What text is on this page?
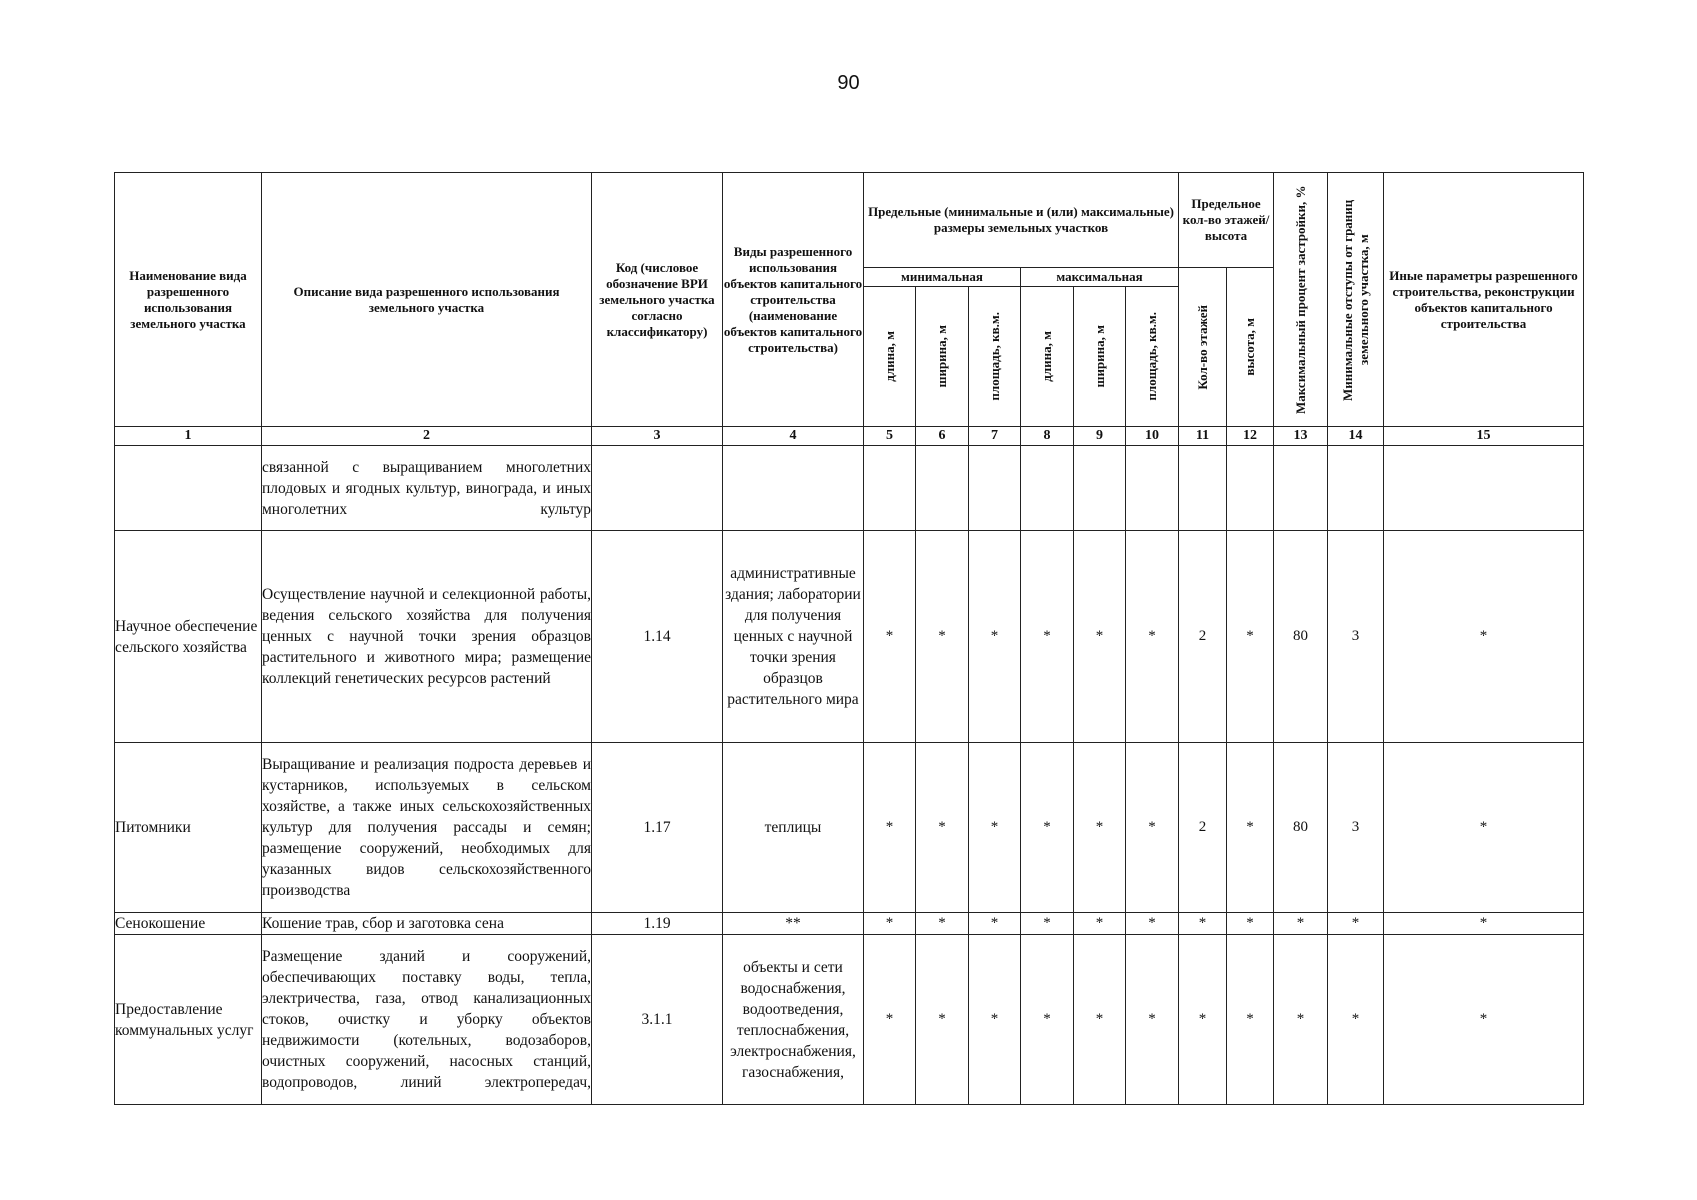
90
Наименование вида разрешенного использования земельного участка	Описание вида разрешенного использования земельного участка	Код (числовое обозначение ВРИ земельного участка согласно классификатору)	Виды разрешенного использования объектов капитального строительства (наименование объектов капитального строительства)	Предельные (минимальные и (или) максимальные) размеры земельных участков						Предельное кол-во этажей/ высота		Максимальный процент застройки, %	Минимальные отступы от границ земельного участка, м	Иные параметры разрешенного строительства, реконструкции объектов капитального строительства
				минимальная			максимальная			Кол-во этажей	высота, м			

				длина, м	ширина, м	площадь, кв.м.	длина, м	ширина, м	площадь, кв.м.					

1	2	3	4	5	6	7	8	9	10	11	12	13	14	15
	связанной с выращиванием многолетних плодовых и ягодных культур, винограда, и иных многолетних культур													
Научное обеспечение сельского хозяйства	Осуществление научной и селекционной работы, ведения сельского хозяйства для получения ценных с научной точки зрения образцов растительного и животного мира; размещение коллекций генетических ресурсов растений	1.14	административные здания; лаборатории для получения ценных с научной точки зрения образцов растительного мира	*	*	*	*	*	*	2	*	80	3	*
Питомники	Выращивание и реализация подроста деревьев и кустарников, используемых в сельском хозяйстве, а также иных сельскохозяйственных культур для получения рассады и семян; размещение сооружений, необходимых для указанных видов сельскохозяйственного производства	1.17	теплицы	*	*	*	*	*	*	2	*	80	3	*
Сенокошение	Кошение трав, сбор и заготовка сена	1.19	**	*	*	*	*	*	*	*	*	*	*	*
Предоставление коммунальных услуг	Размещение зданий и сооружений, обеспечивающих поставку воды, тепла, электричества, газа, отвод канализационных стоков, очистку и уборку объектов недвижимости (котельных, водозаборов, очистных сооружений, насосных станций, водопроводов, линий электропередач,	3.1.1	объекты и сети водоснабжения, водоотведения, теплоснабжения, электроснабжения, газоснабжения,	*	*	*	*	*	*	*	*	*	*	*
